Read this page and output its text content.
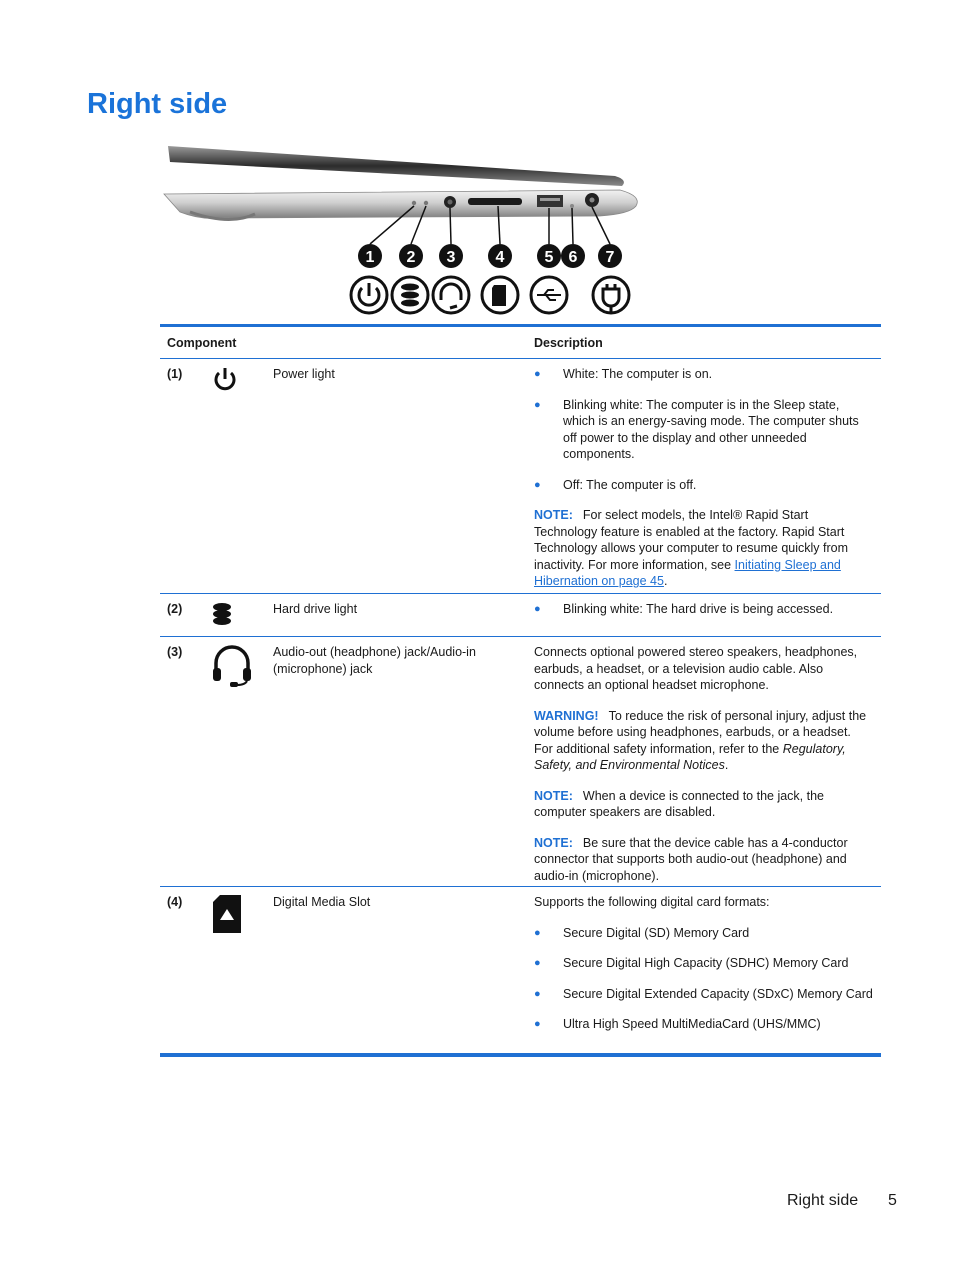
Right side
1 2 3	4	5 6 7
Component	Description
(1)	Power light	●	White: The computer is on.
●	Blinking white: The computer is in the Sleep state, which is an energy-saving mode. The computer shuts off power to the display and other unneeded components.
●	Off: The computer is off.

NOTE: For select models, the Intel® Rapid Start Technology feature is enabled at the factory. Rapid Start Technology allows your computer to resume quickly from inactivity. For more information, see Initiating Sleep and Hibernation on page 45.

(2)	Hard drive light	●	Blinking white: The hard drive is being accessed.
(3)	Audio-out (headphone) jack/Audio-in (microphone) jack

Connects optional powered stereo speakers, headphones, earbuds, a headset, or a television audio cable. Also connects an optional headset microphone.

WARNING! To reduce the risk of personal injury, adjust the volume before using headphones, earbuds, or a headset. For additional safety information, refer to the Regulatory, Safety, and Environmental Notices.

NOTE: When a device is connected to the jack, the computer speakers are disabled.

NOTE: Be sure that the device cable has a 4-conductor connector that supports both audio-out (headphone) and audio-in (microphone).

(4)	Digital Media Slot	Supports the following digital card formats:

●	Secure Digital (SD) Memory Card
●	Secure Digital High Capacity (SDHC) Memory Card
●	Secure Digital Extended Capacity (SDxC) Memory Card
●	Ultra High Speed MultiMediaCard (UHS/MMC)
Right side 5
